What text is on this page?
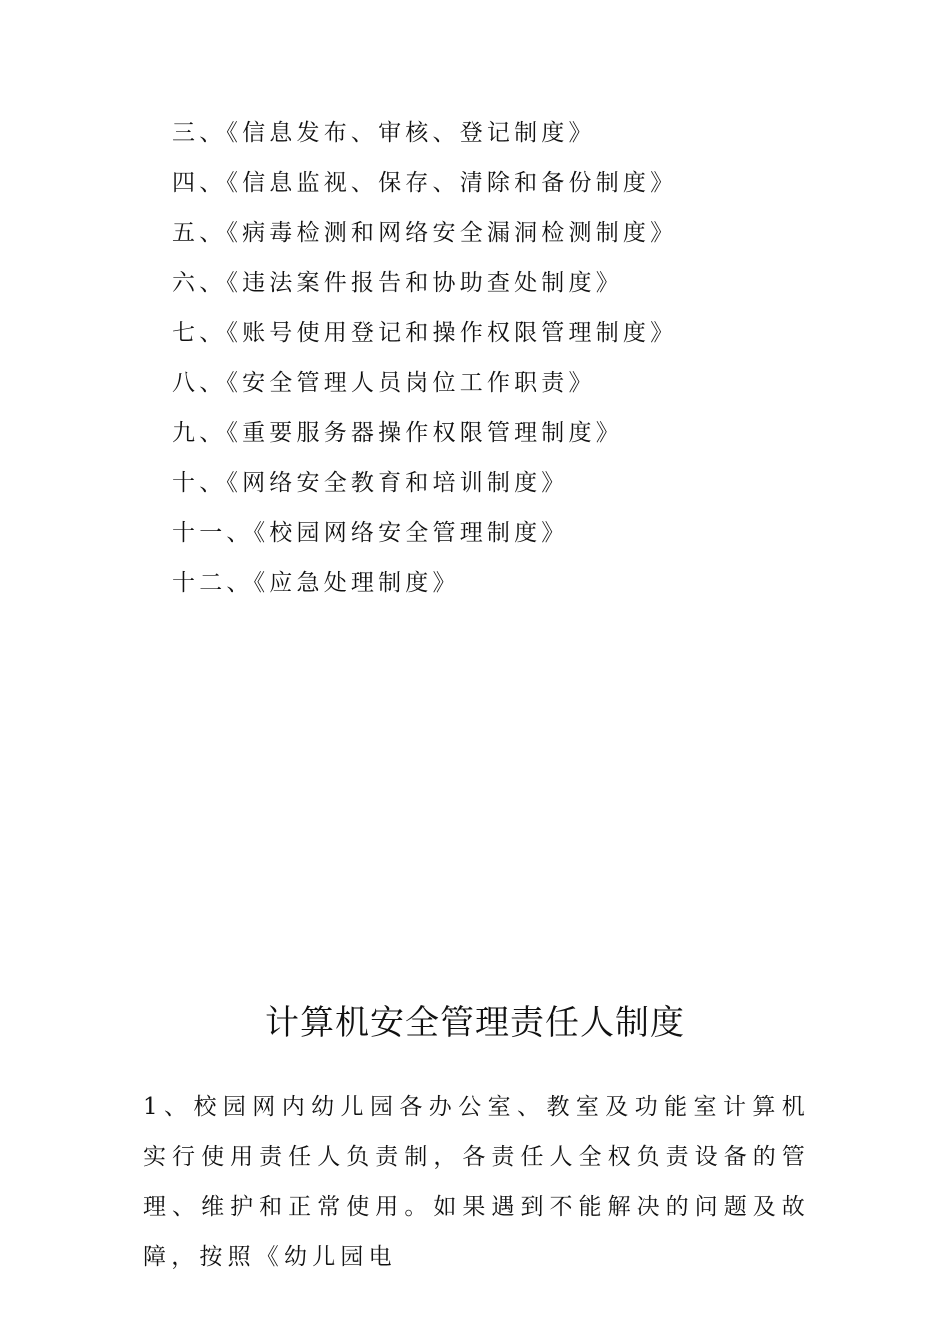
三、《信息发布、审核、登记制度》
四、《信息监视、保存、清除和备份制度》
五、《病毒检测和网络安全漏洞检测制度》
六、《违法案件报告和协助查处制度》
七、《账号使用登记和操作权限管理制度》
八、《安全管理人员岗位工作职责》
九、《重要服务器操作权限管理制度》
十、《网络安全教育和培训制度》
十一、《校园网络安全管理制度》
十二、《应急处理制度》
计算机安全管理责任人制度

1、校园网内幼儿园各办公室、教室及功能室计算机实行使用责任人负责制，各责任人全权负责设备的管理、维护和正常使用。如果遇到不能解决的问题及故障，按照《幼儿园电
